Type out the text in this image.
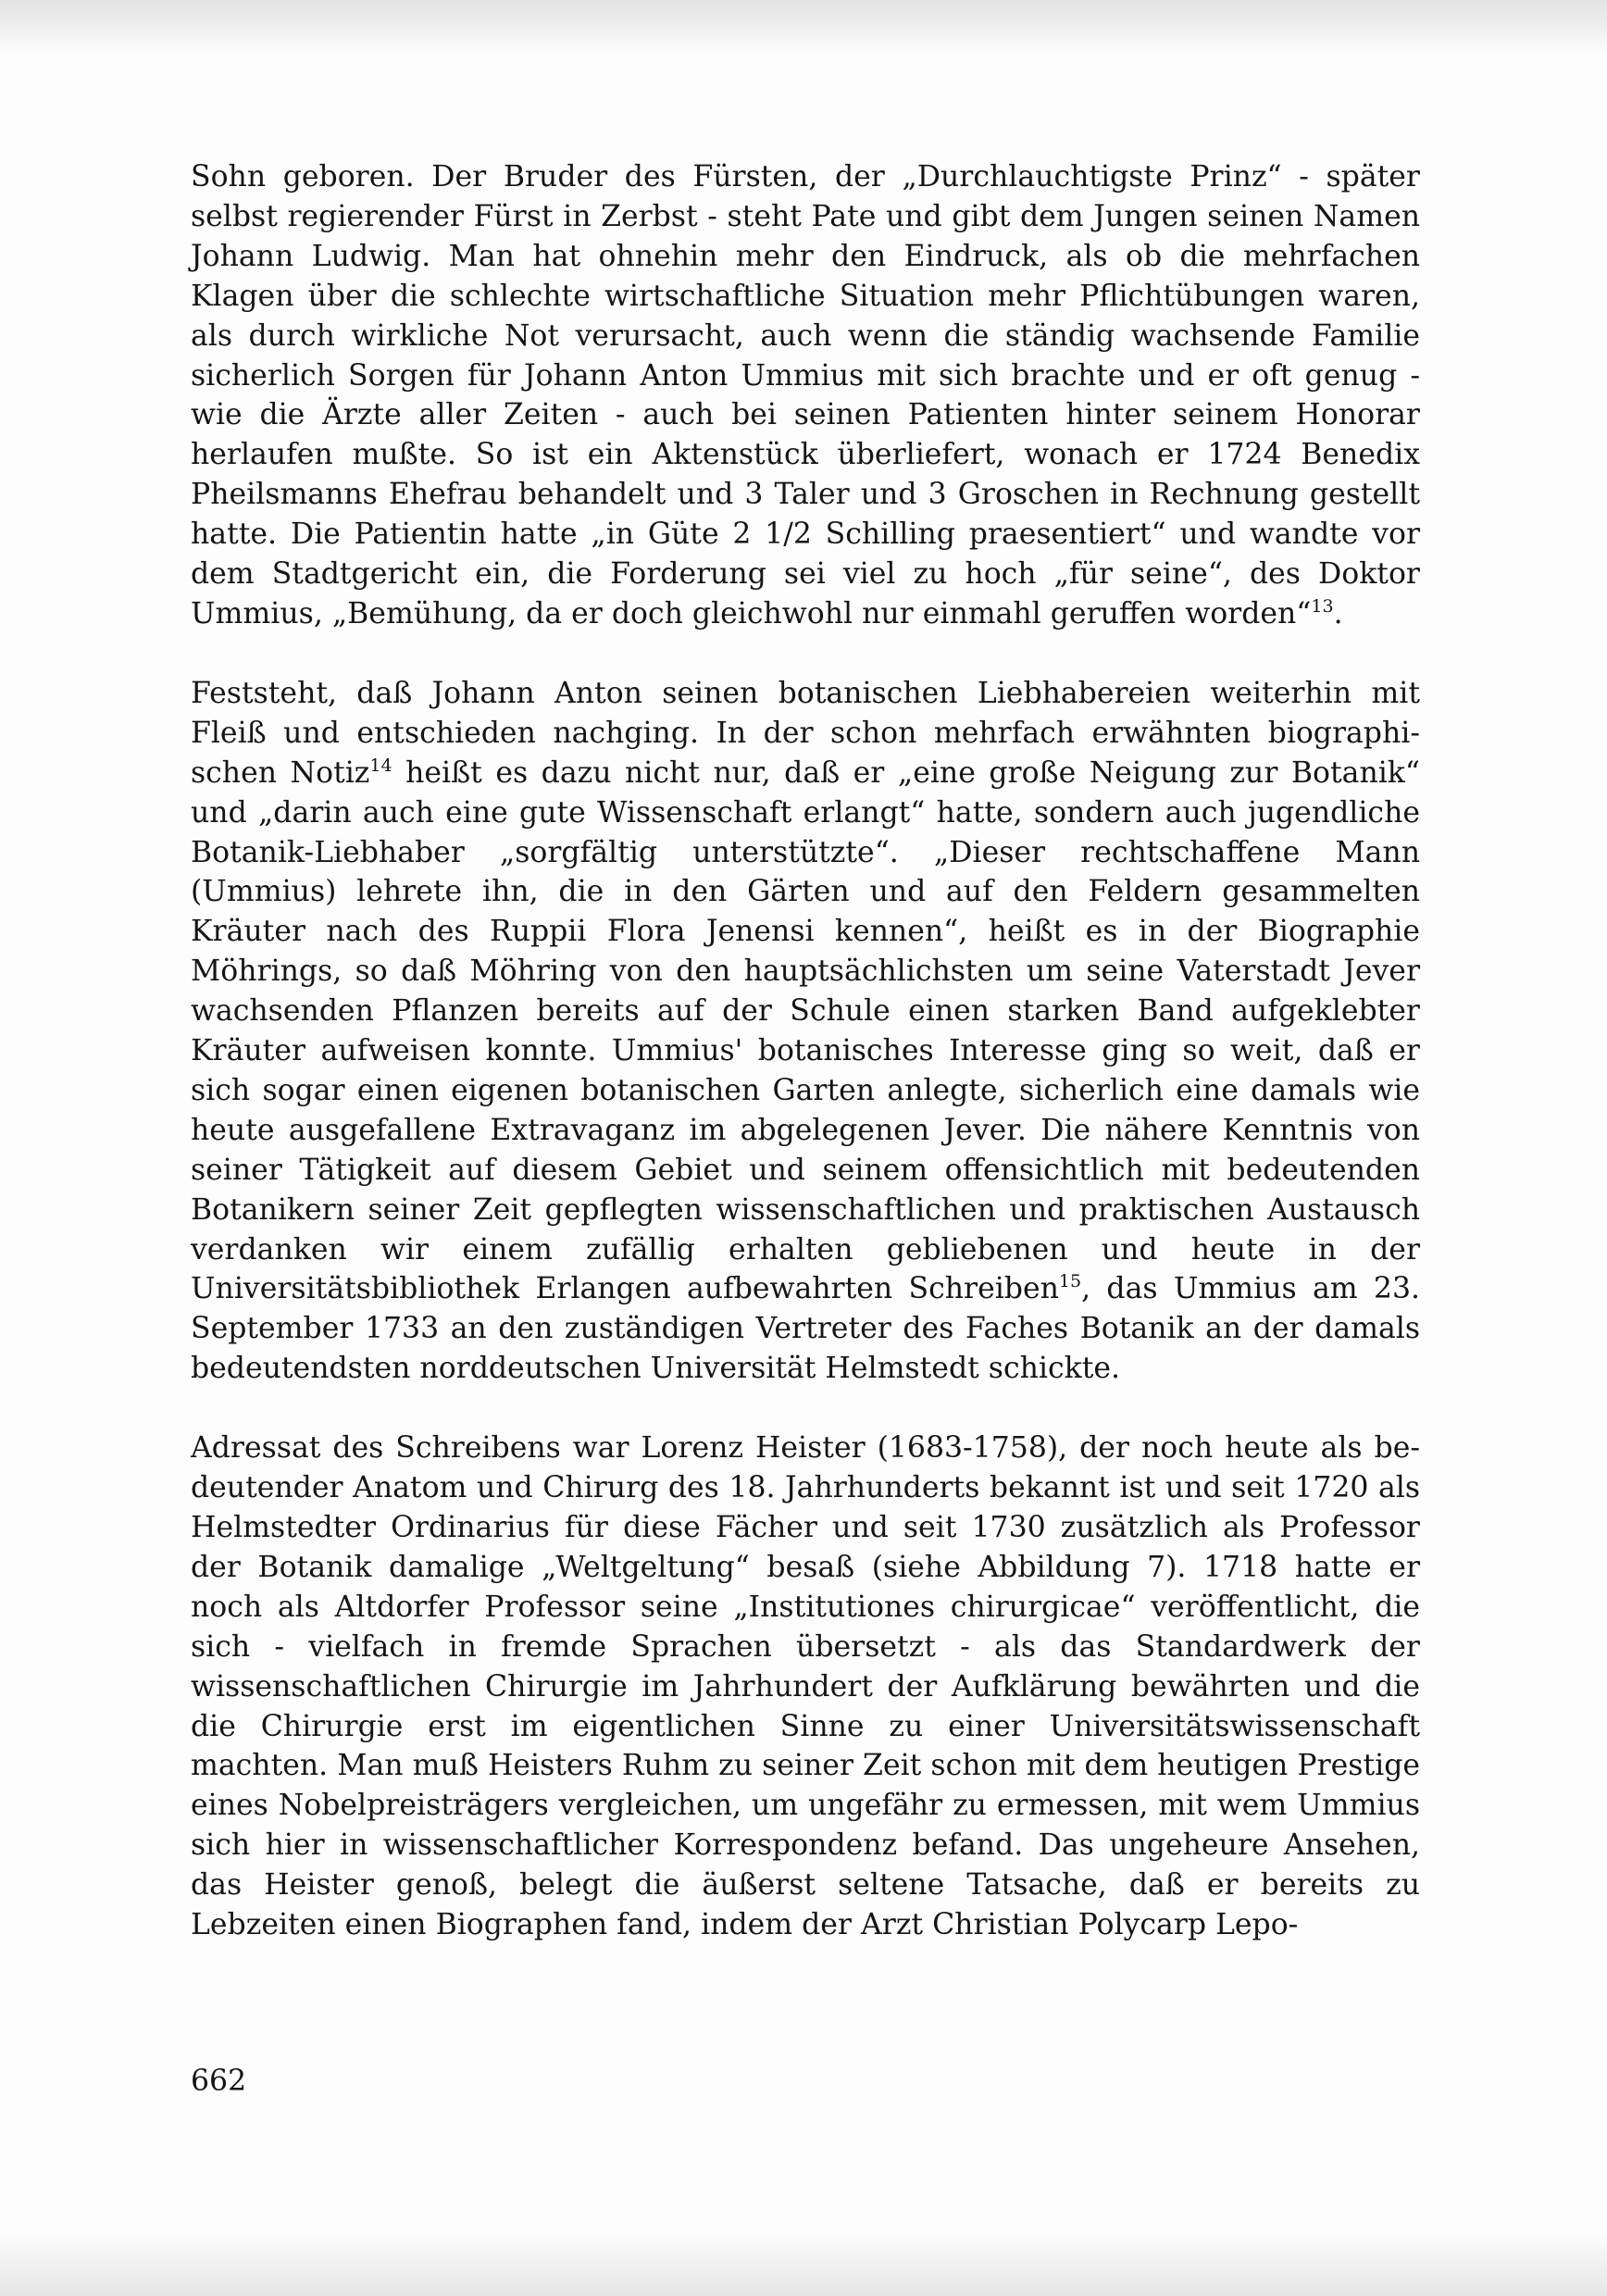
Sohn geboren. Der Bruder des Fürsten, der „Durchlauchtigste Prinz“ - später selbst regierender Fürst in Zerbst - steht Pate und gibt dem Jungen seinen Namen Johann Ludwig. Man hat ohnehin mehr den Eindruck, als ob die mehrfachen Klagen über die schlechte wirtschaftliche Situation mehr Pflichtübungen waren, als durch wirkliche Not verursacht, auch wenn die ständig wachsende Familie sicherlich Sorgen für Johann Anton Ummius mit sich brachte und er oft genug - wie die Ärzte aller Zeiten - auch bei seinen Patienten hinter seinem Honorar herlaufen mußte. So ist ein Aktenstück überliefert, wonach er 1724 Benedix Pheilsmanns Ehefrau behandelt und 3 Taler und 3 Groschen in Rechnung gestellt hatte. Die Patientin hatte „in Güte 2 1/2 Schilling praesentiert“ und wandte vor dem Stadtgericht ein, die Forderung sei viel zu hoch „für seine“, des Doktor Ummius, „Bemühung, da er doch gleichwohl nur einmahl geruffen worden“$^{13}$.

Feststeht, daß Johann Anton seinen botanischen Liebhabereien weiterhin mit Fleiß und entschieden nachging. In der schon mehrfach erwähnten biographischen Notiz$^{14}$ heißt es dazu nicht nur, daß er „eine große Neigung zur Botanik“ und „darin auch eine gute Wissenschaft erlangt“ hatte, sondern auch jugendliche Botanik-Liebhaber „sorgfältig unterstützte“. „Dieser rechtschaffene Mann (Ummius) lehrete ihn, die in den Gärten und auf den Feldern gesammelten Kräuter nach des Ruppii Flora Jenensi kennen“, heißt es in der Biographie Möhrings, so daß Möhring von den hauptsächlichsten um seine Vaterstadt Jever wachsenden Pflanzen bereits auf der Schule einen starken Band aufgeklebter Kräuter aufweisen konnte. Ummius' botanisches Interesse ging so weit, daß er sich sogar einen eigenen botanischen Garten anlegte, sicherlich eine damals wie heute ausgefallene Extravaganz im abgelegenen Jever. Die nähere Kenntnis von seiner Tätigkeit auf diesem Gebiet und seinem offensichtlich mit bedeutenden Botanikern seiner Zeit gepflegten wissenschaftlichen und praktischen Austausch verdanken wir einem zufällig erhalten gebliebenen und heute in der Universitätsbibliothek Erlangen aufbewahrten Schreiben$^{15}$, das Ummius am 23. September 1733 an den zuständigen Vertreter des Faches Botanik an der damals bedeutendsten norddeutschen Universität Helmstedt schickte.

Adressat des Schreibens war Lorenz Heister (1683-1758), der noch heute als bedeutender Anatom und Chirurg des 18. Jahrhunderts bekannt ist und seit 1720 als Helmstedter Ordinarius für diese Fächer und seit 1730 zusätzlich als Professor der Botanik damalige „Weltgeltung“ besaß (siehe Abbildung 7). 1718 hatte er noch als Altdorfer Professor seine „Institutiones chirurgicae“ veröffentlicht, die sich - vielfach in fremde Sprachen übersetzt - als das Standardwerk der wissenschaftlichen Chirurgie im Jahrhundert der Aufklärung bewährten und die die Chirurgie erst im eigentlichen Sinne zu einer Universitätswissenschaft machten. Man muß Heisters Ruhm zu seiner Zeit schon mit dem heutigen Prestige eines Nobelpreisträgers vergleichen, um ungefähr zu ermessen, mit wem Ummius sich hier in wissenschaftlicher Korrespondenz befand. Das ungeheure Ansehen, das Heister genoß, belegt die äußerst seltene Tatsache, daß er bereits zu Lebzeiten einen Biographen fand, indem der Arzt Christian Polycarp Lepo-

662
